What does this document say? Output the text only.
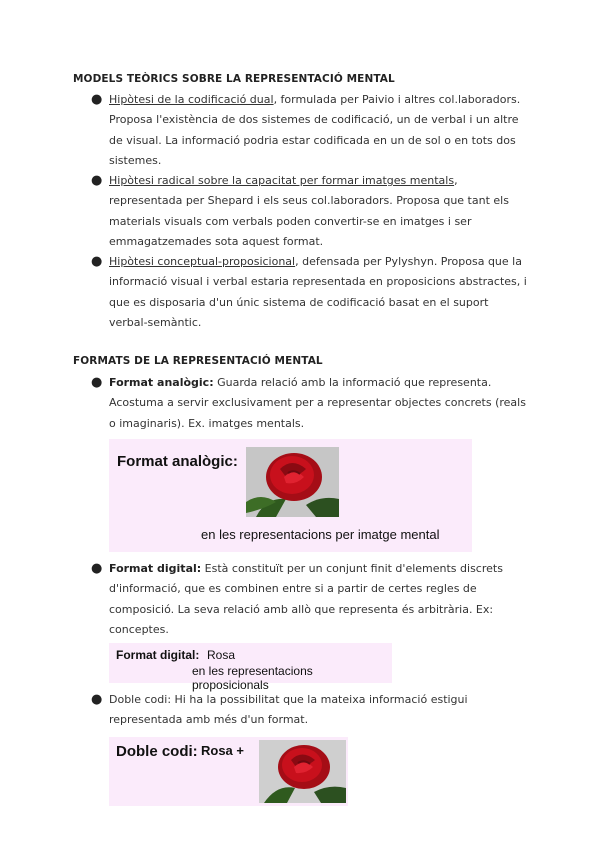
MODELS TEÒRICS SOBRE LA REPRESENTACIÓ MENTAL
● Hipòtesi de la codificació dual, formulada per Paivio i altres col.laboradors.
Proposa l'existència de dos sistemes de codificació, un de verbal i un altre
de visual. La informació podria estar codificada en un de sol o en tots dos
sistemes.
● Hipòtesi radical sobre la capacitat per formar imatges mentals,
representada per Shepard i els seus col.laboradors. Proposa que tant els
materials visuals com verbals poden convertir-se en imatges i ser
emmagatzemades sota aquest format.
● Hipòtesi conceptual-proposicional, defensada per Pylyshyn. Proposa que la
informació visual i verbal estaria representada en proposicions abstractes, i
que es disposaria d'un únic sistema de codificació basat en el suport
verbal-semàntic.
FORMATS DE LA REPRESENTACIÓ MENTAL
● Format analògic: Guarda relació amb la informació que representa.
Acostuma a servir exclusivament per a representar objectes concrets (reals
o imaginaris). Ex. imatges mentals.
Format analògic:
en les representacions per imatge mental
● Format digital: Està constituït per un conjunt finit d'elements discrets
d'informació, que es combinen entre si a partir de certes regles de
composició. La seva relació amb allò que representa és arbitrària. Ex:
conceptes.
Format digital: Rosa
en les representacions proposicionals
● Doble codi: Hi ha la possibilitat que la mateixa informació estigui
representada amb més d'un format.
Doble codi: Rosa +
